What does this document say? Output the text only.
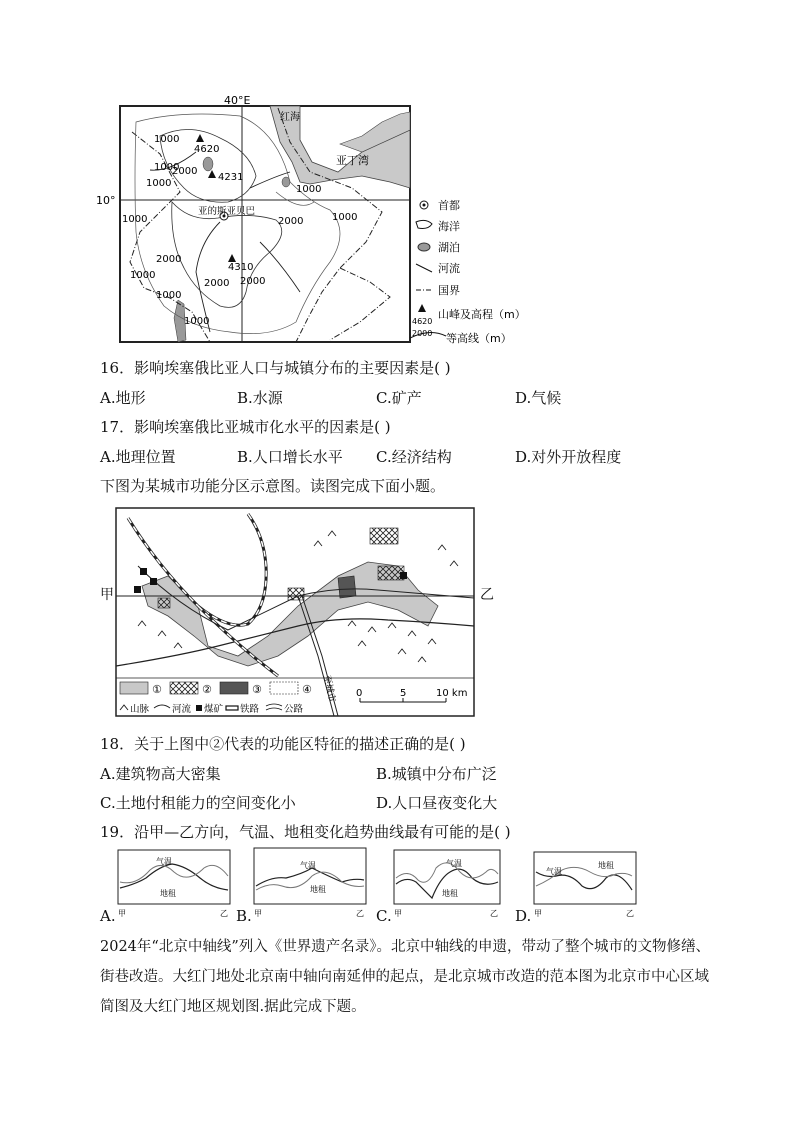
40°E
10°
红海
亚丁湾
亚的斯亚贝巴
4620
4231
4310
1000
1000
1000
1000
1000
1000
1000
1000
1000
2000
2000
2000
2000 2000
首都
海洋
湖泊
河流
国界
4620
山峰及高程（m）
2000 等高线（m）
16．影响埃塞俄比亚人口与城镇分布的主要因素是( )
A.地形	B.水源	C.矿产	D.气候
17．影响埃塞俄比亚城市化水平的因素是( )
A.地理位置	B.人口增长水平 C.经济结构	D.对外开放程度
下图为某城市功能分区示意图。读图完成下面小题。
①	②	③	④
山脉 河流 煤矿 铁路	公路
至城市 0	5	10 km
甲	乙
18．关于上图中②代表的功能区特征的描述正确的是( )
A.建筑物高大密集	B.城镇中分布广泛
C.土地付租能力的空间变化小	D.人口昼夜变化大
19．沿甲—乙方向，气温、地租变化趋势曲线最有可能的是( )
A.
气温
地租
甲	乙 B.
气温
地租
甲	乙 C.
气温
地租
甲	乙 D.
气温
地租
甲	乙
2024年“北京中轴线”列入《世界遗产名录》。北京中轴线的申遗，带动了整个城市的文物修缮、街巷改造。大红门地处北京南中轴向南延伸的起点，是北京城市改造的范本图为北京市中心区域简图及大红门地区规划图.据此完成下题。
